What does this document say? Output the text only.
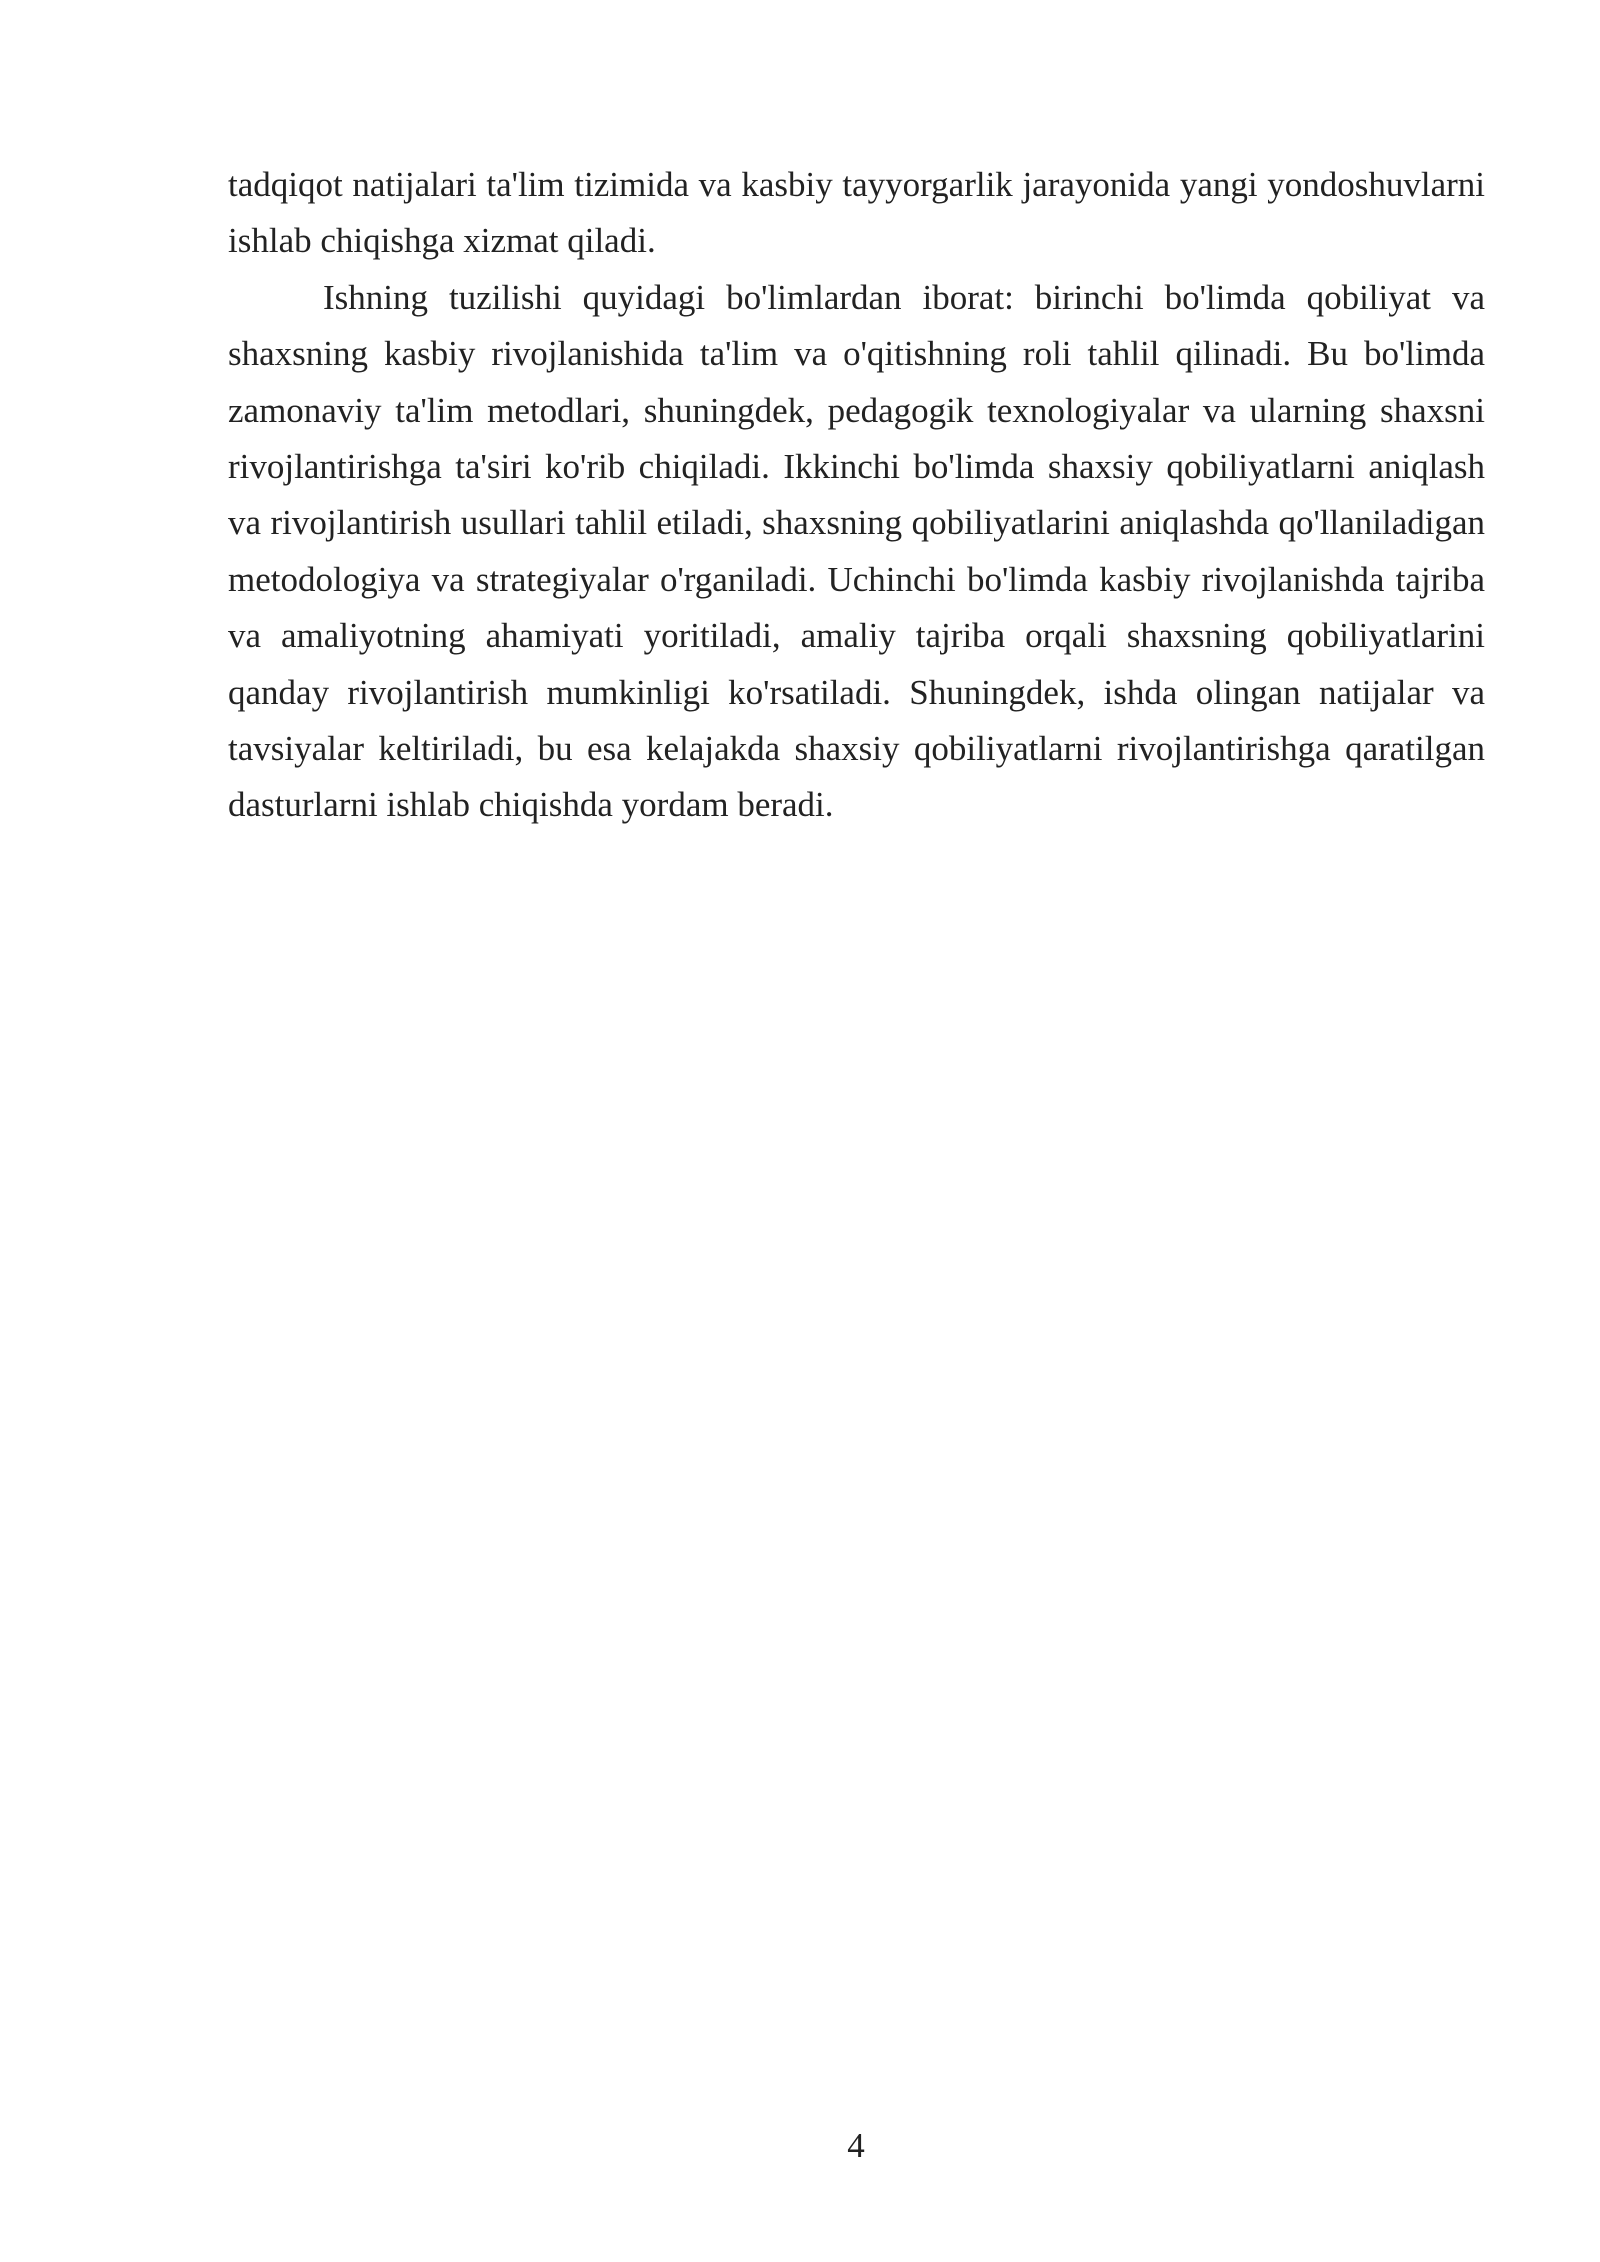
tadqiqot natijalari ta'lim tizimida va kasbiy tayyorgarlik jarayonida yangi yondoshuvlarni ishlab chiqishga xizmat qiladi.

Ishning tuzilishi quyidagi bo'limlardan iborat: birinchi bo'limda qobiliyat va shaxsning kasbiy rivojlanishida ta'lim va o'qitishning roli tahlil qilinadi. Bu bo'limda zamonaviy ta'lim metodlari, shuningdek, pedagogik texnologiyalar va ularning shaxsni rivojlantirishga ta'siri ko'rib chiqiladi. Ikkinchi bo'limda shaxsiy qobiliyatlarni aniqlash va rivojlantirish usullari tahlil etiladi, shaxsning qobiliyatlarini aniqlashda qo'llaniladigan metodologiya va strategiyalar o'rganiladi. Uchinchi bo'limda kasbiy rivojlanishda tajriba va amaliyotning ahamiyati yoritiladi, amaliy tajriba orqali shaxsning qobiliyatlarini qanday rivojlantirish mumkinligi ko'rsatiladi. Shuningdek, ishda olingan natijalar va tavsiyalar keltiriladi, bu esa kelajakda shaxsiy qobiliyatlarni rivojlantirishga qaratilgan dasturlarni ishlab chiqishda yordam beradi.

4
